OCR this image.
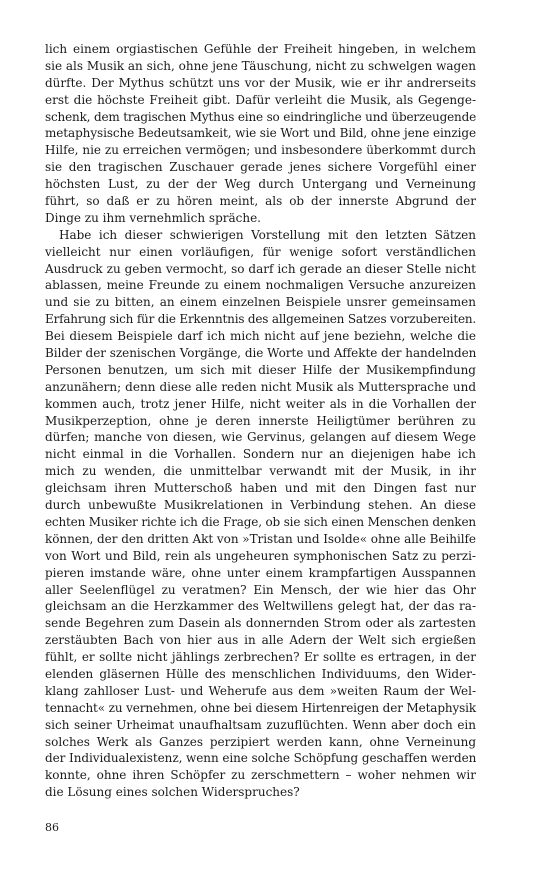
lich einem orgiastischen Gefühle der Freiheit hingeben, in welchem
sie als Musik an sich, ohne jene Täuschung, nicht zu schwelgen wagen
dürfte. Der Mythus schützt uns vor der Musik, wie er ihr andrerseits
erst die höchste Freiheit gibt. Dafür verleiht die Musik, als Gegenge-
schenk, dem tragischen Mythus eine so eindringliche und überzeugende
metaphysische Bedeutsamkeit, wie sie Wort und Bild, ohne jene einzige
Hilfe, nie zu erreichen vermögen; und insbesondere überkommt durch
sie den tragischen Zuschauer gerade jenes sichere Vorgefühl einer
höchsten Lust, zu der der Weg durch Untergang und Verneinung
führt, so daß er zu hören meint, als ob der innerste Abgrund der
Dinge zu ihm vernehmlich spräche.
Habe ich dieser schwierigen Vorstellung mit den letzten Sätzen
vielleicht nur einen vorläufigen, für wenige sofort verständlichen
Ausdruck zu geben vermocht, so darf ich gerade an dieser Stelle nicht
ablassen, meine Freunde zu einem nochmaligen Versuche anzureizen
und sie zu bitten, an einem einzelnen Beispiele unsrer gemeinsamen
Erfahrung sich für die Erkenntnis des allgemeinen Satzes vorzubereiten.
Bei diesem Beispiele darf ich mich nicht auf jene beziehn, welche die
Bilder der szenischen Vorgänge, die Worte und Affekte der handelnden
Personen benutzen, um sich mit dieser Hilfe der Musikempfindung
anzunähern; denn diese alle reden nicht Musik als Muttersprache und
kommen auch, trotz jener Hilfe, nicht weiter als in die Vorhallen der
Musikperzeption, ohne je deren innerste Heiligtümer berühren zu
dürfen; manche von diesen, wie Gervinus, gelangen auf diesem Wege
nicht einmal in die Vorhallen. Sondern nur an diejenigen habe ich
mich zu wenden, die unmittelbar verwandt mit der Musik, in ihr
gleichsam ihren Mutterschoß haben und mit den Dingen fast nur
durch unbewußte Musikrelationen in Verbindung stehen. An diese
echten Musiker richte ich die Frage, ob sie sich einen Menschen denken
können, der den dritten Akt von »Tristan und Isolde« ohne alle Beihilfe
von Wort und Bild, rein als ungeheuren symphonischen Satz zu perzi-
pieren imstande wäre, ohne unter einem krampfartigen Ausspannen
aller Seelenflügel zu veratmen? Ein Mensch, der wie hier das Ohr
gleichsam an die Herzkammer des Weltwillens gelegt hat, der das ra-
sende Begehren zum Dasein als donnernden Strom oder als zartesten
zerstäubten Bach von hier aus in alle Adern der Welt sich ergießen
fühlt, er sollte nicht jählings zerbrechen? Er sollte es ertragen, in der
elenden gläsernen Hülle des menschlichen Individuums, den Wider-
klang zahlloser Lust- und Weherufe aus dem »weiten Raum der Wel-
tennacht« zu vernehmen, ohne bei diesem Hirtenreigen der Metaphysik
sich seiner Urheimat unaufhaltsam zuzuflüchten. Wenn aber doch ein
solches Werk als Ganzes perzipiert werden kann, ohne Verneinung
der Individualexistenz, wenn eine solche Schöpfung geschaffen werden
konnte, ohne ihren Schöpfer zu zerschmettern – woher nehmen wir
die Lösung eines solchen Widerspruches?
86
